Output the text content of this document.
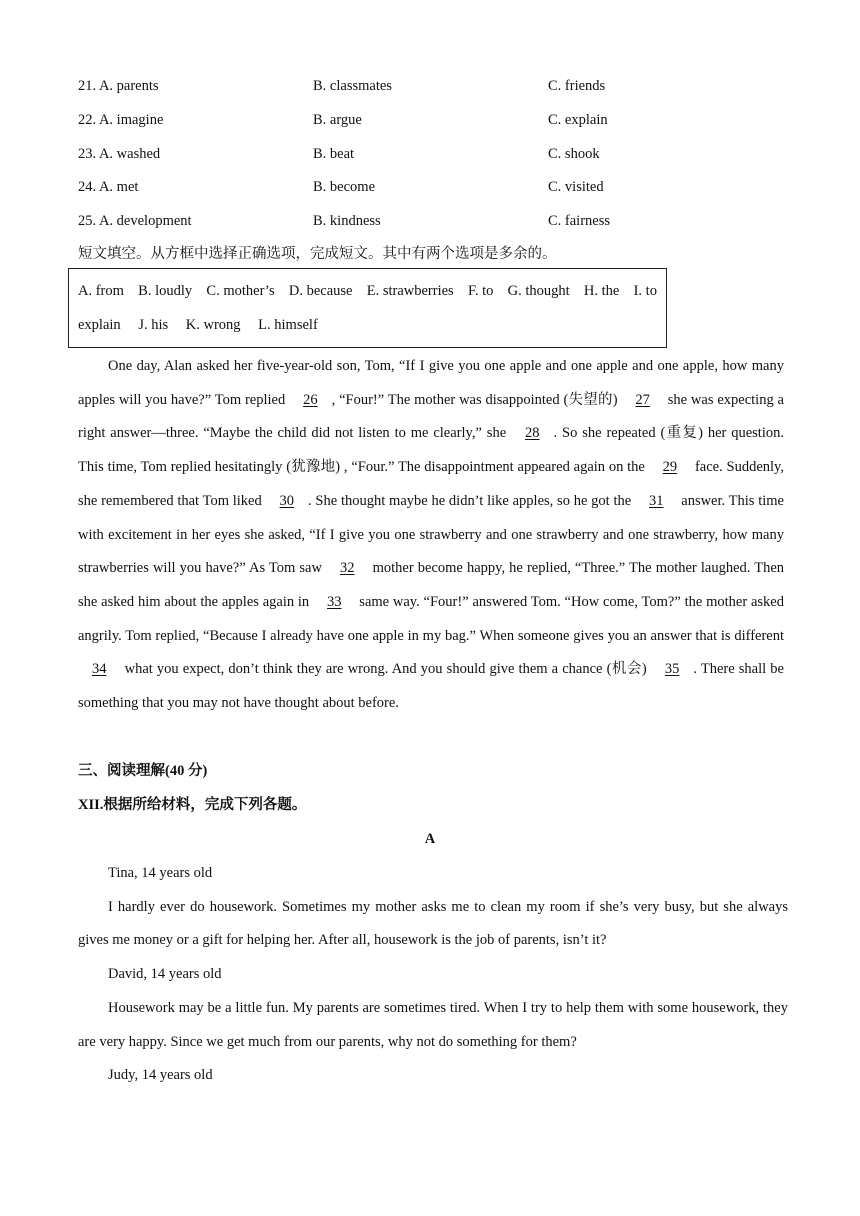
21. A. parents	B. classmates	C. friends
22. A. imagine	B. argue	C. explain
23. A. washed	B. beat	C. shook
24. A. met	B. become	C. visited
25. A. development	B. kindness	C. fairness
短文填空。从方框中选择正确选项，完成短文。其中有两个选项是多余的。
A. from B. loudly C. mother’s D. because E. strawberries F. to G. thought H. the I. to
explain J. his K. wrong L. himself
One day, Alan asked her five-year-old son, Tom, “If I give you one apple and one apple and one apple, how many apples will you have?” Tom replied 26 , “Four!” The mother was disappointed (失望的) 27 she was expecting a right answer—three. “Maybe the child did not listen to me clearly,” she 28 . So she repeated (重复) her question. This time, Tom replied hesitatingly (犹豫地) , “Four.” The disappointment appeared again on the 29 face. Suddenly, she remembered that Tom liked 30 . She thought maybe he didn’t like apples, so he got the 31 answer. This time with excitement in her eyes she asked, “If I give you one strawberry and one strawberry and one strawberry, how many strawberries will you have?” As Tom saw 32 mother become happy, he replied, “Three.” The mother laughed. Then she asked him about the apples again in 33 same way. “Four!” answered Tom. “How come, Tom?” the mother asked angrily. Tom replied, “Because I already have one apple in my bag.” When someone gives you an answer that is different 34 what you expect, don’t think they are wrong. And you should give them a chance (机会) 35 . There shall be something that you may not have thought about before.
三、阅读理解(40 分)
XII.根据所给材料，完成下列各题。
A

Tina, 14 years old

I hardly ever do housework. Sometimes my mother asks me to clean my room if she’s very busy, but she always gives me money or a gift for helping her. After all, housework is the job of parents, isn’t it?

David, 14 years old

Housework may be a little fun. My parents are sometimes tired. When I try to help them with some housework, they are very happy. Since we get much from our parents, why not do something for them?

Judy, 14 years old
